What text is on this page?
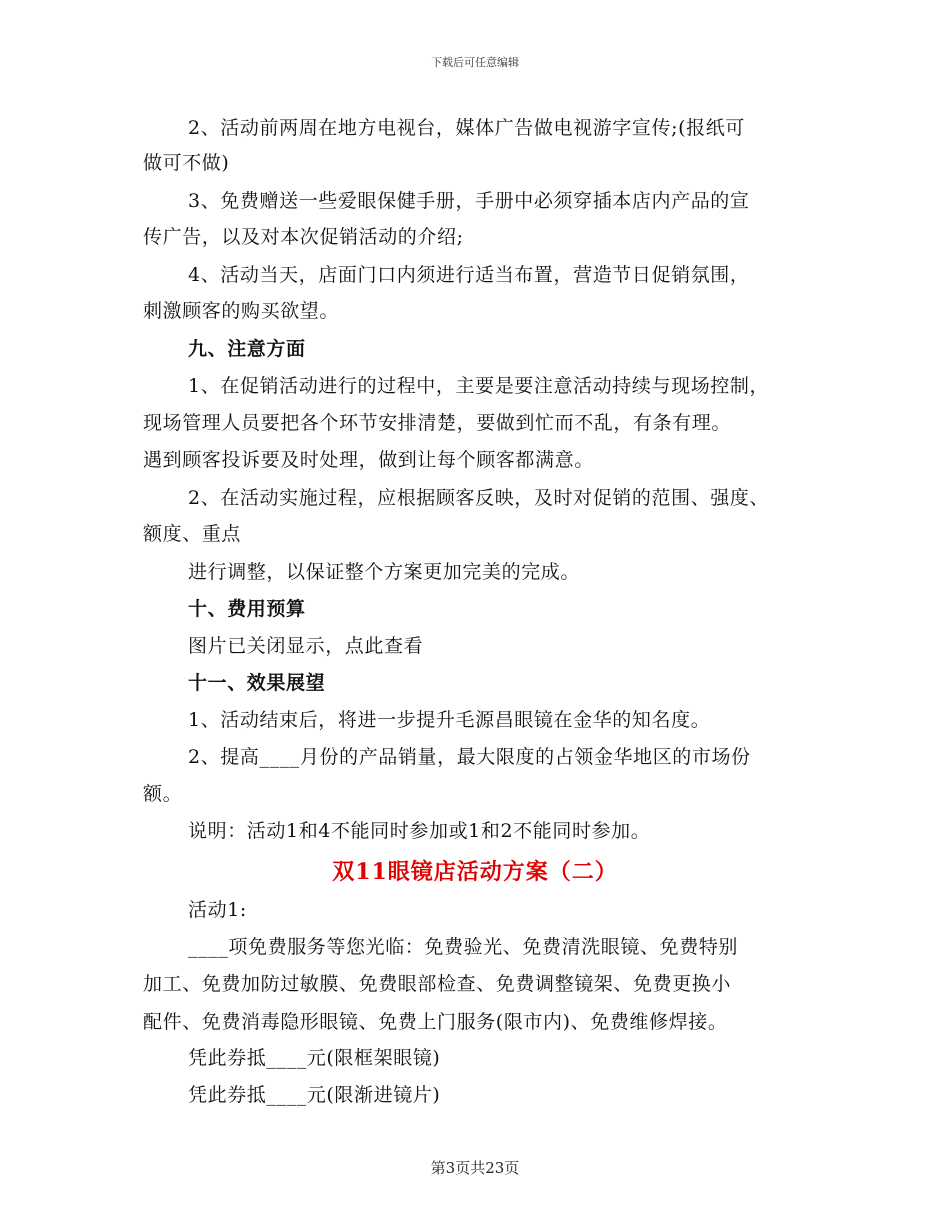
下载后可任意编辑
2、活动前两周在地方电视台，媒体广告做电视游字宣传;(报纸可
做可不做)
3、免费赠送一些爱眼保健手册，手册中必须穿插本店内产品的宣
传广告，以及对本次促销活动的介绍;
4、活动当天，店面门口内须进行适当布置，营造节日促销氛围，
刺激顾客的购买欲望。
九、注意方面
1、在促销活动进行的过程中，主要是要注意活动持续与现场控制，
现场管理人员要把各个环节安排清楚，要做到忙而不乱，有条有理。
遇到顾客投诉要及时处理，做到让每个顾客都满意。
2、在活动实施过程，应根据顾客反映，及时对促销的范围、强度、
额度、重点
进行调整，以保证整个方案更加完美的完成。
十、费用预算
图片已关闭显示，点此查看
十一、效果展望
1、活动结束后，将进一步提升毛源昌眼镜在金华的知名度。
2、提高____月份的产品销量，最大限度的占领金华地区的市场份
额。
说明：活动1和4不能同时参加或1和2不能同时参加。
双11眼镜店活动方案（二）
活动1:
____项免费服务等您光临：免费验光、免费清洗眼镜、免费特别
加工、免费加防过敏膜、免费眼部检查、免费调整镜架、免费更换小
配件、免费消毒隐形眼镜、免费上门服务(限市内)、免费维修焊接。
凭此券抵____元(限框架眼镜)
凭此券抵____元(限渐进镜片)
第3页共23页
